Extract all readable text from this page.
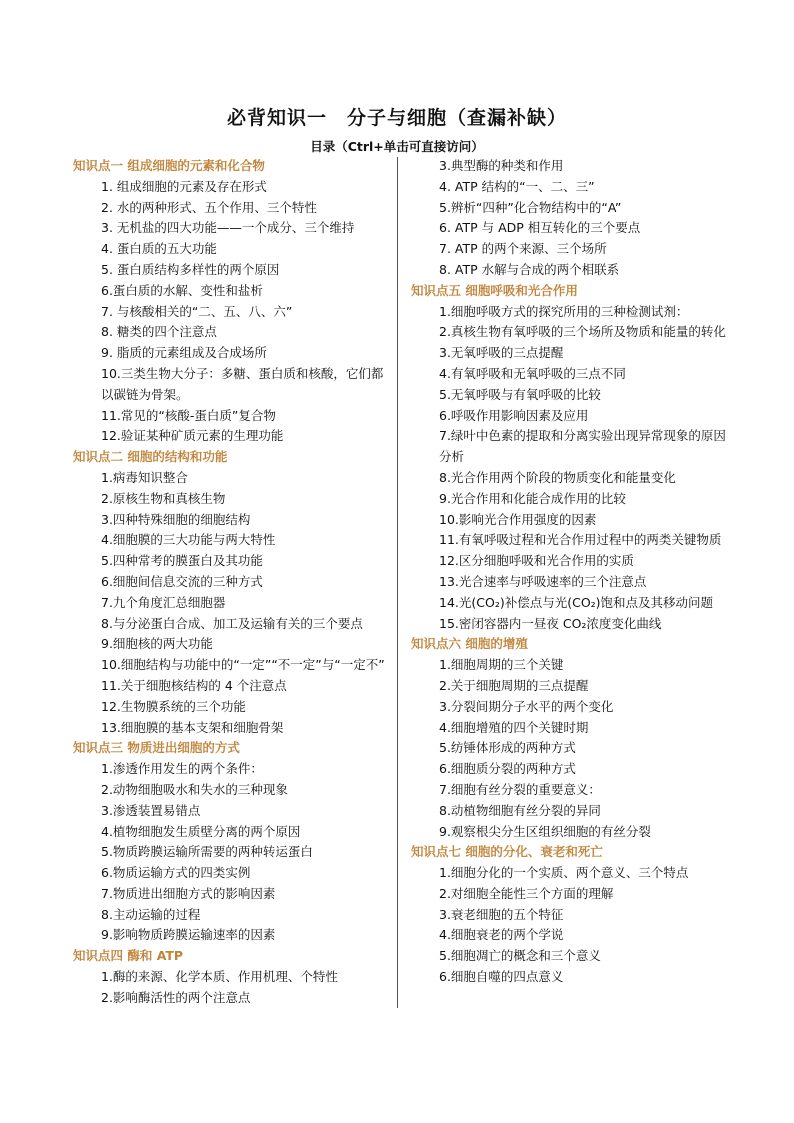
必背知识一　分子与细胞（查漏补缺）
目录（Ctrl+单击可直接访问）
知识点一 组成细胞的元素和化合物
1. 组成细胞的元素及存在形式
2. 水的两种形式、五个作用、三个特性
3. 无机盐的四大功能——一个成分、三个维持
4. 蛋白质的五大功能
5. 蛋白质结构多样性的两个原因
6.蛋白质的水解、变性和盐析
7. 与核酸相关的“二、五、八、六”
8. 糖类的四个注意点
9. 脂质的元素组成及合成场所
10.三类生物大分子：多糖、蛋白质和核酸，它们都以碳链为骨架。
11.常见的“核酸-蛋白质”复合物
12.验证某种矿质元素的生理功能
知识点二 细胞的结构和功能
1.病毒知识整合
2.原核生物和真核生物
3.四种特殊细胞的细胞结构
4.细胞膜的三大功能与两大特性
5.四种常考的膜蛋白及其功能
6.细胞间信息交流的三种方式
7.九个角度汇总细胞器
8.与分泌蛋白合成、加工及运输有关的三个要点
9.细胞核的两大功能
10.细胞结构与功能中的“一定”“不一定”与“一定不”
11.关于细胞核结构的 4 个注意点
12.生物膜系统的三个功能
13.细胞膜的基本支架和细胞骨架
知识点三 物质进出细胞的方式
1.渗透作用发生的两个条件：
2.动物细胞吸水和失水的三种现象
3.渗透装置易错点
4.植物细胞发生质壁分离的两个原因
5.物质跨膜运输所需要的两种转运蛋白
6.物质运输方式的四类实例
7.物质进出细胞方式的影响因素
8.主动运输的过程
9.影响物质跨膜运输速率的因素
知识点四 酶和 ATP
1.酶的来源、化学本质、作用机理、个特性
2.影响酶活性的两个注意点
3.典型酶的种类和作用
4. ATP 结构的“一、二、三”
5.辨析“四种”化合物结构中的“A”
6. ATP 与 ADP 相互转化的三个要点
7. ATP 的两个来源、三个场所
8. ATP 水解与合成的两个相联系
知识点五 细胞呼吸和光合作用
1.细胞呼吸方式的探究所用的三种检测试剂：
2.真核生物有氧呼吸的三个场所及物质和能量的转化
3.无氧呼吸的三点提醒
4.有氧呼吸和无氧呼吸的三点不同
5.无氧呼吸与有氧呼吸的比较
6.呼吸作用影响因素及应用
7.绿叶中色素的提取和分离实验出现异常现象的原因分析
8.光合作用两个阶段的物质变化和能量变化
9.光合作用和化能合成作用的比较
10.影响光合作用强度的因素
11.有氧呼吸过程和光合作用过程中的两类关键物质
12.区分细胞呼吸和光合作用的实质
13.光合速率与呼吸速率的三个注意点
14.光(CO₂)补偿点与光(CO₂)饱和点及其移动问题
15.密闭容器内一昼夜 CO₂浓度变化曲线
知识点六 细胞的增殖
1.细胞周期的三个关键
2.关于细胞周期的三点提醒
3.分裂间期分子水平的两个变化
4.细胞增殖的四个关键时期
5.纺锤体形成的两种方式
6.细胞质分裂的两种方式
7.细胞有丝分裂的重要意义：
8.动植物细胞有丝分裂的异同
9.观察根尖分生区组织细胞的有丝分裂
知识点七 细胞的分化、衰老和死亡
1.细胞分化的一个实质、两个意义、三个特点
2.对细胞全能性三个方面的理解
3.衰老细胞的五个特征
4.细胞衰老的两个学说
5.细胞凋亡的概念和三个意义
6.细胞自噬的四点意义
